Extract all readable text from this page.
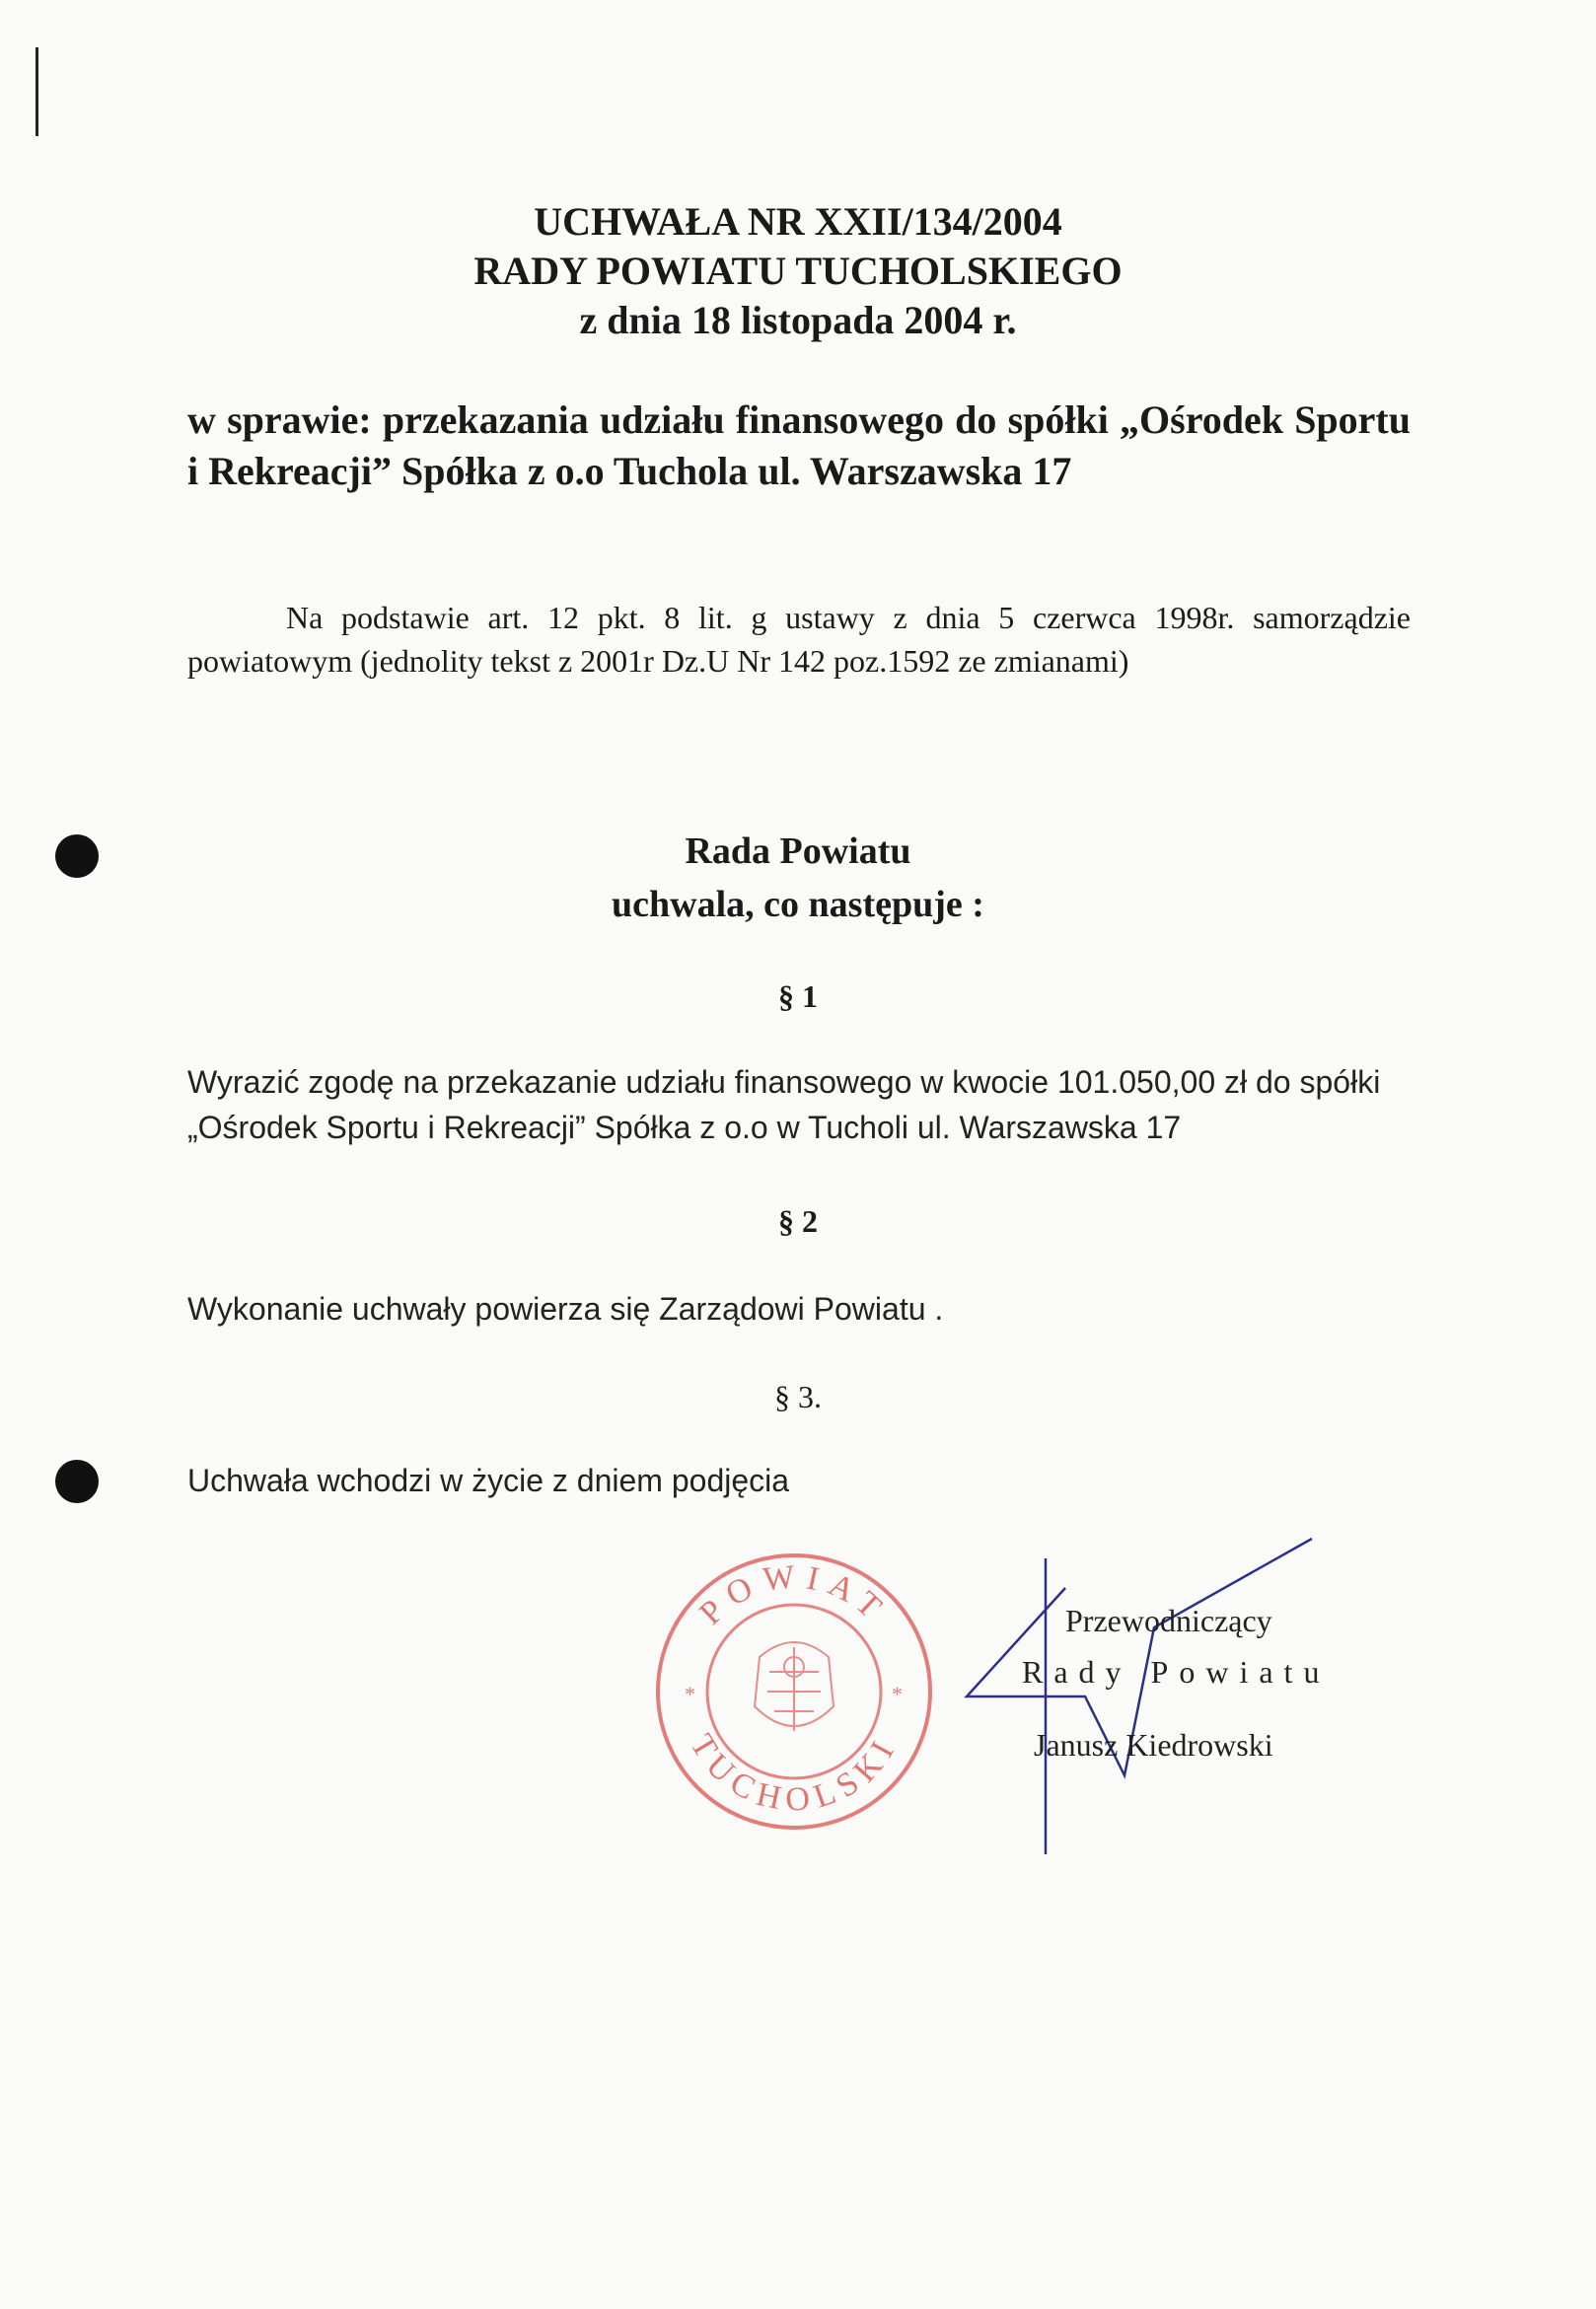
UCHWAŁA NR XXII/134/2004
RADY POWIATU TUCHOLSKIEGO
z dnia 18 listopada 2004 r.
w sprawie: przekazania udziału finansowego do spółki „Ośrodek Sportu i Rekreacji” Spółka z o.o Tuchola ul. Warszawska 17
Na podstawie art. 12 pkt. 8 lit. g ustawy z dnia 5 czerwca 1998r. samorządzie powiatowym (jednolity tekst z 2001r Dz.U Nr 142 poz.1592 ze zmianami)
Rada Powiatu
uchwala, co następuje :
§ 1
Wyrazić zgodę na przekazanie udziału finansowego w kwocie 101.050,00 zł do spółki „Ośrodek Sportu i Rekreacji” Spółka z o.o w Tucholi ul. Warszawska 17
§ 2
Wykonanie uchwały powierza się Zarządowi Powiatu .
§ 3.
Uchwała wchodzi w życie z dniem podjęcia
POWIAT
TUCHOLSKI
*	*
Przewodniczący
Rady Powiatu
Janusz Kiedrowski
